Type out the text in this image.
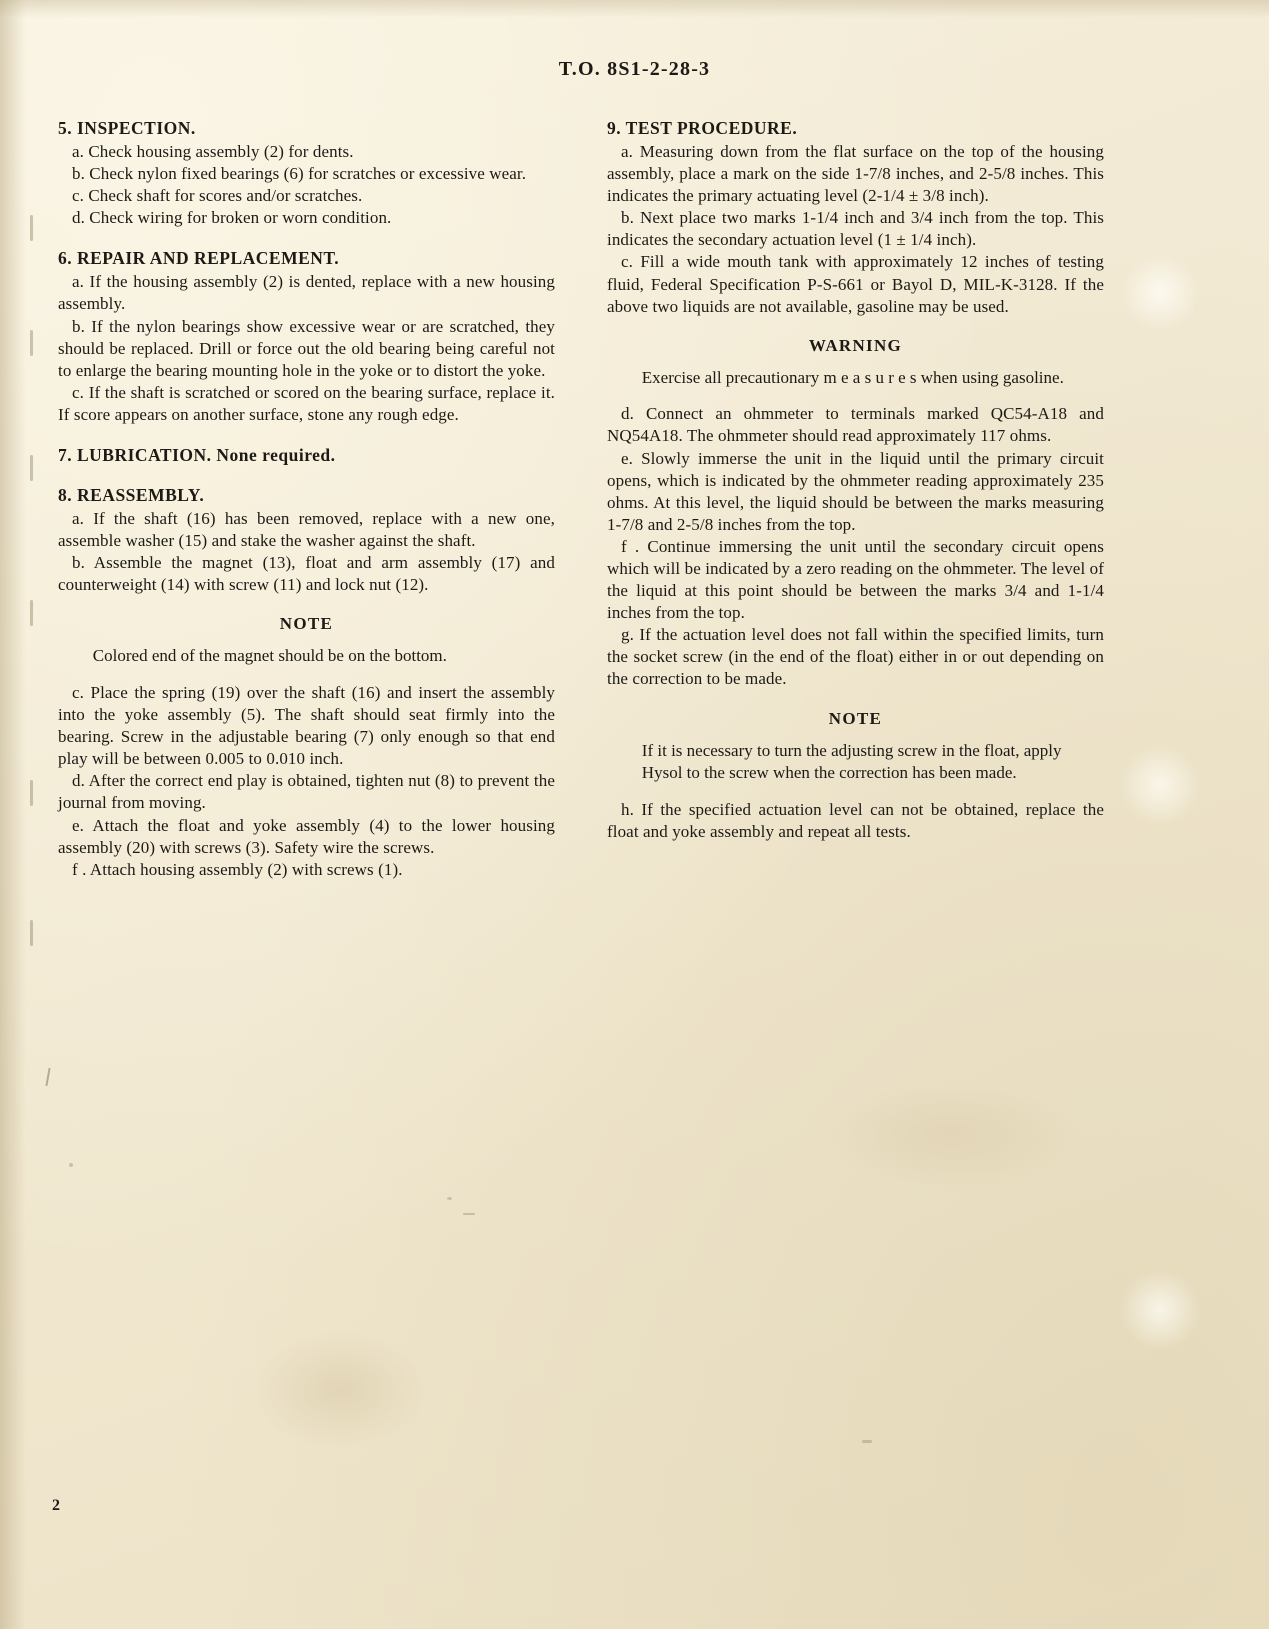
T.O. 8S1-2-28-3
5. INSPECTION.

a. Check housing assembly (2) for dents.

b. Check nylon fixed bearings (6) for scratches or excessive wear.

c. Check shaft for scores and/or scratches.

d. Check wiring for broken or worn condition.

6. REPAIR AND REPLACEMENT.

a. If the housing assembly (2) is dented, replace with a new housing assembly.

b. If the nylon bearings show excessive wear or are scratched, they should be replaced. Drill or force out the old bearing being careful not to enlarge the bearing mounting hole in the yoke or to distort the yoke.

c. If the shaft is scratched or scored on the bearing surface, replace it. If score appears on another surface, stone any rough edge.

7. LUBRICATION. None required.
8. REASSEMBLY.

a. If the shaft (16) has been removed, replace with a new one, assemble washer (15) and stake the washer against the shaft.

b. Assemble the magnet (13), float and arm assembly (17) and counterweight (14) with screw (11) and lock nut (12).

NOTE

Colored end of the magnet should be on the bottom.

c. Place the spring (19) over the shaft (16) and insert the assembly into the yoke assembly (5). The shaft should seat firmly into the bearing. Screw in the adjustable bearing (7) only enough so that end play will be between 0.005 to 0.010 inch.

d. After the correct end play is obtained, tighten nut (8) to prevent the journal from moving.

e. Attach the float and yoke assembly (4) to the lower housing assembly (20) with screws (3). Safety wire the screws.

f . Attach housing assembly (2) with screws (1).

9. TEST PROCEDURE.

a. Measuring down from the flat surface on the top of the housing assembly, place a mark on the side 1-7/8 inches, and 2-5/8 inches. This indicates the primary actuating level (2-1/4 ± 3/8 inch).

b. Next place two marks 1-1/4 inch and 3/4 inch from the top. This indicates the secondary actuation level (1 ± 1/4 inch).

c. Fill a wide mouth tank with approximately 12 inches of testing fluid, Federal Specification P-S-661 or Bayol D, MIL-K-3128. If the above two liquids are not available, gasoline may be used.

WARNING

Exercise all precautionary m e a s u r e s when using gasoline.

d. Connect an ohmmeter to terminals marked QC54-A18 and NQ54A18. The ohmmeter should read approximately 117 ohms.

e. Slowly immerse the unit in the liquid until the primary circuit opens, which is indicated by the ohmmeter reading approximately 235 ohms. At this level, the liquid should be between the marks measuring 1-7/8 and 2-5/8 inches from the top.

f . Continue immersing the unit until the secondary circuit opens which will be indicated by a zero reading on the ohmmeter. The level of the liquid at this point should be between the marks 3/4 and 1-1/4 inches from the top.

g. If the actuation level does not fall within the specified limits, turn the socket screw (in the end of the float) either in or out depending on the correction to be made.

NOTE

If it is necessary to turn the adjusting screw in the float, apply Hysol to the screw when the correction has been made.

h. If the specified actuation level can not be obtained, replace the float and yoke assembly and repeat all tests.

2
